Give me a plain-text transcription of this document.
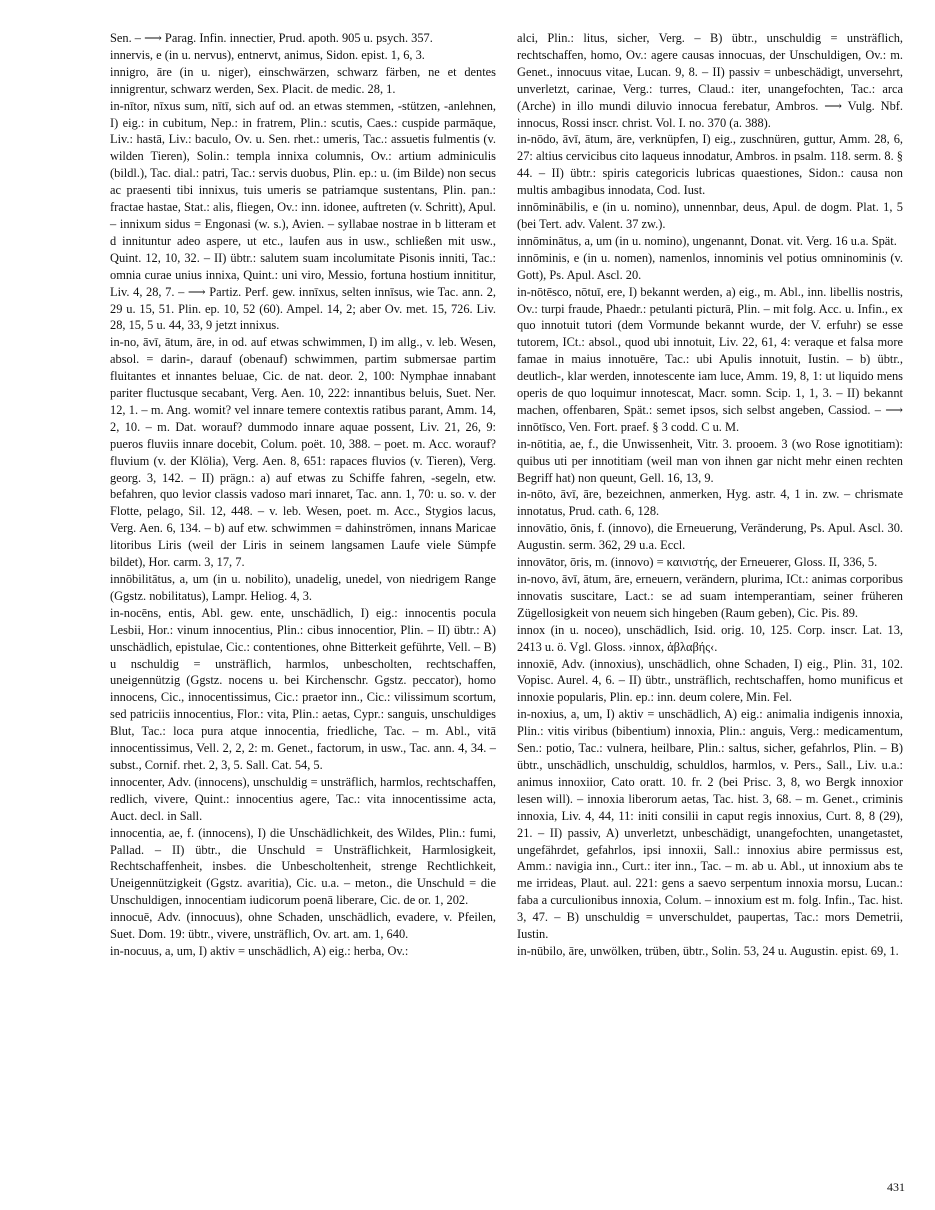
Sen. – ⟶ Parag. Infin. innectier, Prud. apoth. 905 u. psych. 357.

innervis, e (in u. nervus), entnervt, animus, Sidon. epist. 1, 6, 3.

innigro, āre (in u. niger), einschwärzen, schwarz färben, ne et dentes innigrentur, schwarz werden, Sex. Placit. de medic. 28, 1.

in-nītor, nīxus sum, nītī, sich auf od. an etwas stemmen, -stützen, -anlehnen, I) eig.: in cubitum, Nep.: in fratrem, Plin.: scutis, Caes.: cuspide parmāque, Liv.: hastā, Liv.: baculo, Ov. u. Sen. rhet.: umeris, Tac.: assuetis fulmentis (v. wilden Tieren), Solin.: templa innixa columnis, Ov.: artium adminiculis (bildl.), Tac. dial.: patri, Tac.: servis duobus, Plin. ep.: u. (im Bilde) non secus ac praesenti tibi innixus, tuis umeris se patriamque sustentans, Plin. pan.: fractae hastae, Stat.: alis, fliegen, Ov.: inn. idonee, auftreten (v. Schritt), Apul. – innixum sidus = Engonasi (w. s.), Avien. – syllabae nostrae in b litteram et d innituntur adeo aspere, ut etc., laufen aus in usw., schließen mit usw., Quint. 12, 10, 32. – II) übtr.: salutem suam incolumitate Pisonis inniti, Tac.: omnia curae unius innixa, Quint.: uni viro, Messio, fortuna hostium innititur, Liv. 4, 28, 7. – ⟶ Partiz. Perf. gew. innīxus, selten innīsus, wie Tac. ann. 2, 29 u. 15, 51. Plin. ep. 10, 52 (60). Ampel. 14, 2; aber Ov. met. 15, 726. Liv. 28, 15, 5 u. 44, 33, 9 jetzt innixus.

in-no, āvī, ātum, āre, in od. auf etwas schwimmen, I) im allg., v. leb. Wesen, absol. = darin-, darauf (obenauf) schwimmen, partim submersae partim fluitantes et innantes beluae, Cic. de nat. deor. 2, 100: Nymphae innabant pariter fluctusque secabant, Verg. Aen. 10, 222: innantibus beluis, Suet. Ner. 12, 1. – m. Ang. womit? vel innare temere contextis ratibus parant, Amm. 14, 2, 10. – m. Dat. worauf? dummodo innare aquae possent, Liv. 21, 26, 9: pueros fluviis innare docebit, Colum. poët. 10, 388. – poet. m. Acc. worauf? fluvium (v. der Klölia), Verg. Aen. 8, 651: rapaces fluvios (v. Tieren), Verg. georg. 3, 142. – II) prägn.: a) auf etwas zu Schiffe fahren, -segeln, etw. befahren, quo levior classis vadoso mari innaret, Tac. ann. 1, 70: u. so. v. der Flotte, pelago, Sil. 12, 448. – v. leb. Wesen, poet. m. Acc., Stygios lacus, Verg. Aen. 6, 134. – b) auf etw. schwimmen = dahinströmen, innans Maricae litoribus Liris (weil der Liris in seinem langsamen Laufe viele Sümpfe bildet), Hor. carm. 3, 17, 7.

innōbilitātus, a, um (in u. nobilito), unadelig, unedel, von niedrigem Range (Ggstz. nobilitatus), Lampr. Heliog. 4, 3.

in-nocēns, entis, Abl. gew. ente, unschädlich, I) eig.: innocentis pocula Lesbii, Hor.: vinum innocentius, Plin.: cibus innocentior, Plin. – II) übtr.: A) unschädlich, epistulae, Cic.: contentiones, ohne Bitterkeit geführte, Vell. – B) u nschuldig = unsträflich, harmlos, unbescholten, rechtschaffen, uneigennützig (Ggstz. nocens u. bei Kirchenschr. Ggstz. peccator), homo innocens, Cic., innocentissimus, Cic.: praetor inn., Cic.: vilissimum scortum, sed patriciis innocentius, Flor.: vita, Plin.: aetas, Cypr.: sanguis, unschuldiges Blut, Tac.: loca pura atque innocentia, friedliche, Tac. – m. Abl., vitā innocentissimus, Vell. 2, 2, 2: m. Genet., factorum, in usw., Tac. ann. 4, 34. – subst., Cornif. rhet. 2, 3, 5. Sall. Cat. 54, 5.

innocenter, Adv. (innocens), unschuldig = unsträflich, harmlos, rechtschaffen, redlich, vivere, Quint.: innocentius agere, Tac.: vita innocentissime acta, Auct. decl. in Sall.

innocentia, ae, f. (innocens), I) die Unschädlichkeit, des Wildes, Plin.: fumi, Pallad. – II) übtr., die Unschuld = Unsträflichkeit, Harmlosigkeit, Rechtschaffenheit, insbes. die Unbescholtenheit, strenge Rechtlichkeit, Uneigennützigkeit (Ggstz. avaritia), Cic. u.a. – meton., die Unschuld = die Unschuldigen, innocentiam iudicorum poenā liberare, Cic. de or. 1, 202.

innocuē, Adv. (innocuus), ohne Schaden, unschädlich, evadere, v. Pfeilen, Suet. Dom. 19: übtr., vivere, unsträflich, Ov. art. am. 1, 640.

in-nocuus, a, um, I) aktiv = unschädlich, A) eig.: herba, Ov.:

alci, Plin.: litus, sicher, Verg. – B) übtr., unschuldig = unsträflich, rechtschaffen, homo, Ov.: agere causas innocuas, der Unschuldigen, Ov.: m. Genet., innocuus vitae, Lucan. 9, 8. – II) passiv = unbeschädigt, unversehrt, unverletzt, carinae, Verg.: turres, Claud.: iter, unangefochten, Tac.: arca (Arche) in illo mundi diluvio innocua ferebatur, Ambros. ⟶ Vulg. Nbf. innocus, Rossi inscr. christ. Vol. I. no. 370 (a. 388).

in-nōdo, āvī, ātum, āre, verknüpfen, I) eig., zuschnüren, guttur, Amm. 28, 6, 27: altius cervicibus cito laqueus innodatur, Ambros. in psalm. 118. serm. 8. § 44. – II) übtr.: spiris categoricis lubricas quaestiones, Sidon.: causa non multis ambagibus innodata, Cod. Iust.

innōminābilis, e (in u. nomino), unnennbar, deus, Apul. de dogm. Plat. 1, 5 (bei Tert. adv. Valent. 37 zw.).

innōminātus, a, um (in u. nomino), ungenannt, Donat. vit. Verg. 16 u.a. Spät.

innōminis, e (in u. nomen), namenlos, innominis vel potius omninominis (v. Gott), Ps. Apul. Ascl. 20.

in-nōtēsco, nōtuī, ere, I) bekannt werden, a) eig., m. Abl., inn. libellis nostris, Ov.: turpi fraude, Phaedr.: petulanti picturā, Plin. – mit folg. Acc. u. Infin., ex quo innotuit tutori (dem Vormunde bekannt wurde, der V. erfuhr) se esse tutorem, ICt.: absol., quod ubi innotuit, Liv. 22, 61, 4: veraque et falsa more famae in maius innotuēre, Tac.: ubi Apulis innotuit, Iustin. – b) übtr., deutlich-, klar werden, innotescente iam luce, Amm. 19, 8, 1: ut liquido mens operis de quo loquimur innotescat, Macr. somn. Scip. 1, 1, 3. – II) bekannt machen, offenbaren, Spät.: semet ipsos, sich selbst angeben, Cassiod. – ⟶ innōtīsco, Ven. Fort. praef. § 3 codd. C u. M.

in-nōtitia, ae, f., die Unwissenheit, Vitr. 3. prooem. 3 (wo Rose ignotitiam): quibus uti per innotitiam (weil man von ihnen gar nicht mehr einen rechten Begriff hat) non queunt, Gell. 16, 13, 9.

in-nōto, āvī, āre, bezeichnen, anmerken, Hyg. astr. 4, 1 in. zw. – chrismate innotatus, Prud. cath. 6, 128.

innovātio, ōnis, f. (innovo), die Erneuerung, Veränderung, Ps. Apul. Ascl. 30. Augustin. serm. 362, 29 u.a. Eccl.

innovātor, ōris, m. (innovo) = καινιστής, der Erneuerer, Gloss. II, 336, 5.

in-novo, āvī, ātum, āre, erneuern, verändern, plurima, ICt.: animas corporibus innovatis suscitare, Lact.: se ad suam intemperantiam, seiner früheren Zügellosigkeit von neuem sich hingeben (Raum geben), Cic. Pis. 89.

innox (in u. noceo), unschädlich, Isid. orig. 10, 125. Corp. inscr. Lat. 13, 2413 u. ö. Vgl. Gloss. ›innox, ἀβλαβής‹.

innoxiē, Adv. (innoxius), unschädlich, ohne Schaden, I) eig., Plin. 31, 102. Vopisc. Aurel. 4, 6. – II) übtr., unsträflich, rechtschaffen, homo munificus et innoxie popularis, Plin. ep.: inn. deum colere, Min. Fel.

in-noxius, a, um, I) aktiv = unschädlich, A) eig.: animalia indigenis innoxia, Plin.: vitis viribus (bibentium) innoxia, Plin.: anguis, Verg.: medicamentum, Sen.: potio, Tac.: vulnera, heilbare, Plin.: saltus, sicher, gefahrlos, Plin. – B) übtr., unschädlich, unschuldig, schuldlos, harmlos, v. Pers., Sall., Liv. u.a.: animus innoxiior, Cato oratt. 10. fr. 2 (bei Prisc. 3, 8, wo Bergk innoxior lesen will). – innoxia liberorum aetas, Tac. hist. 3, 68. – m. Genet., criminis innoxia, Liv. 4, 44, 11: initi consilii in caput regis innoxius, Curt. 8, 8 (29), 21. – II) passiv, A) unverletzt, unbeschädigt, unangefochten, unangetastet, ungefährdet, gefahrlos, ipsi innoxii, Sall.: innoxius abire permissus est, Amm.: navigia inn., Curt.: iter inn., Tac. – m. ab u. Abl., ut innoxium abs te me irrideas, Plaut. aul. 221: gens a saevo serpentum innoxia morsu, Lucan.: faba a curculionibus innoxia, Colum. – innoxium est m. folg. Infin., Tac. hist. 3, 47. – B) unschuldig = unverschuldet, paupertas, Tac.: mors Demetrii, Iustin.

in-nūbilo, āre, unwölken, trüben, übtr., Solin. 53, 24 u. Augustin. epist. 69, 1.

431
